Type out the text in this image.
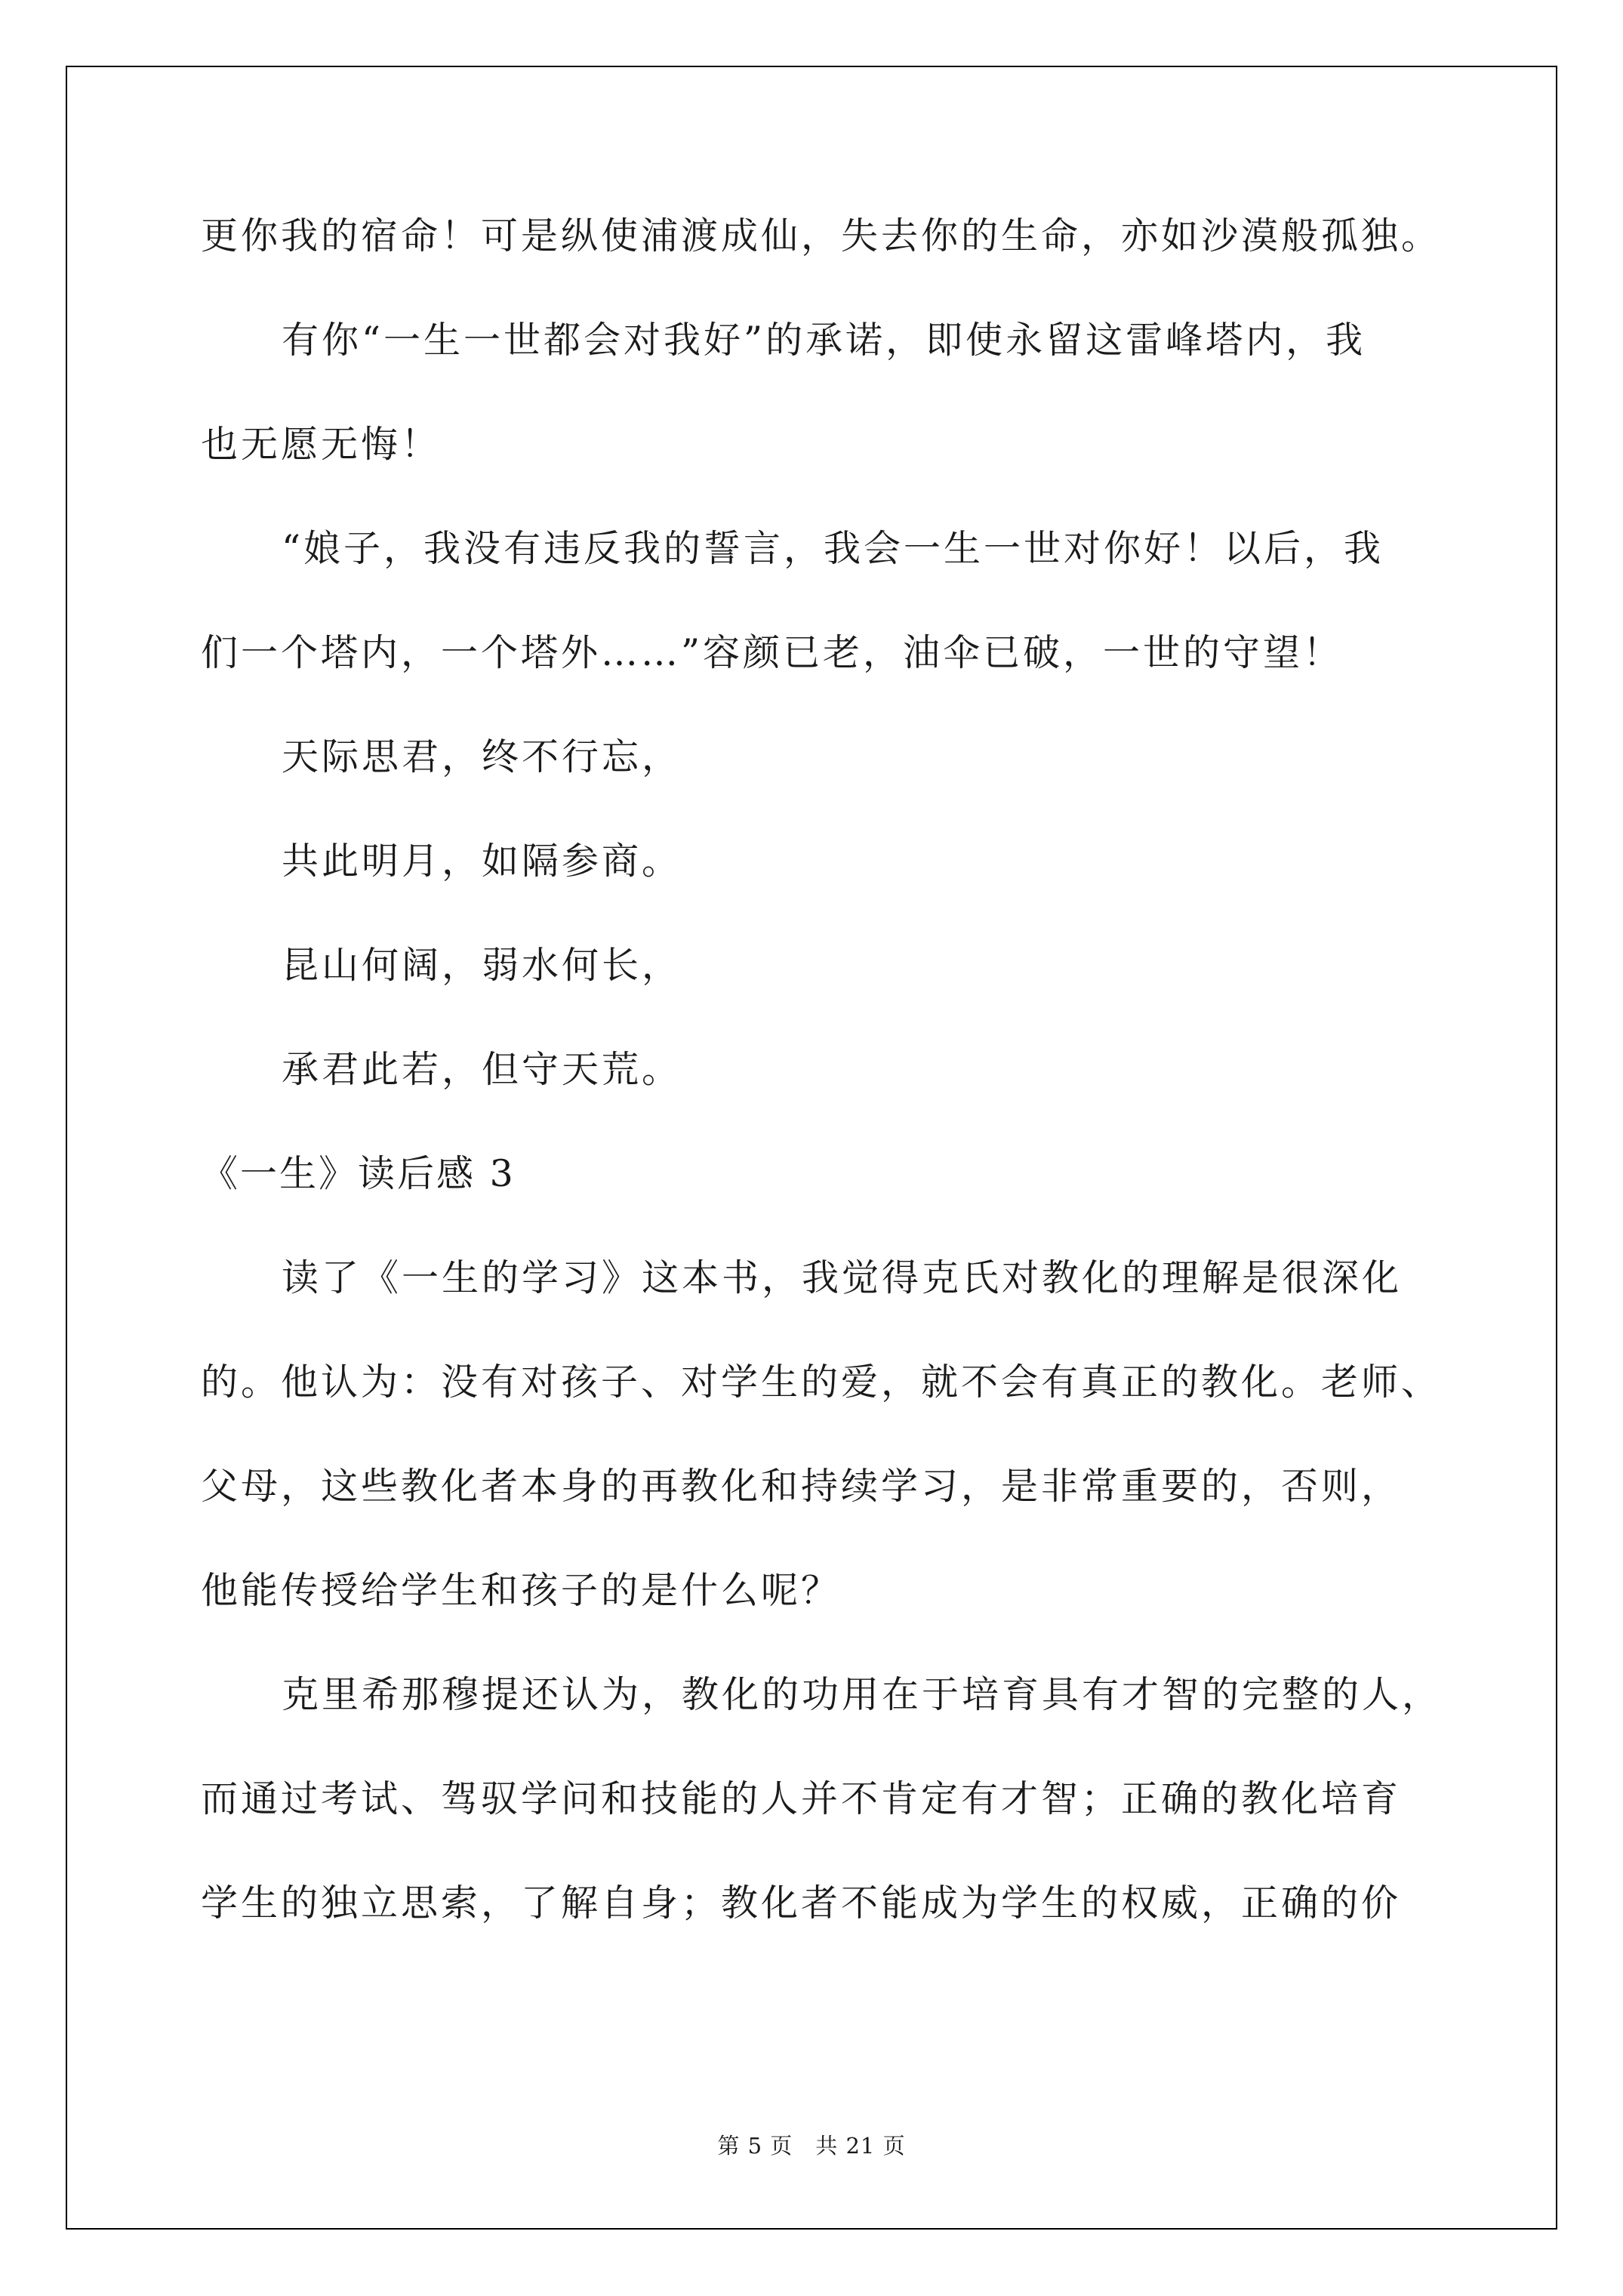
更你我的宿命！可是纵使浦渡成仙，失去你的生命，亦如沙漠般孤独。
有你“一生一世都会对我好”的承诺，即使永留这雷峰塔内，我
也无愿无悔！
“娘子，我没有违反我的誓言，我会一生一世对你好！以后，我
们一个塔内，一个塔外……”容颜已老，油伞已破，一世的守望！
天际思君，终不行忘，
共此明月，如隔参商。
昆山何阔，弱水何长，
承君此若，但守天荒。
《一生》读后感 3
读了《一生的学习》这本书，我觉得克氏对教化的理解是很深化
的。他认为：没有对孩子、对学生的爱，就不会有真正的教化。老师、
父母，这些教化者本身的再教化和持续学习，是非常重要的，否则，
他能传授给学生和孩子的是什么呢？
克里希那穆提还认为，教化的功用在于培育具有才智的完整的人，
而通过考试、驾驭学问和技能的人并不肯定有才智；正确的教化培育
学生的独立思索，了解自身；教化者不能成为学生的权威，正确的价
第 5 页　共 21 页
